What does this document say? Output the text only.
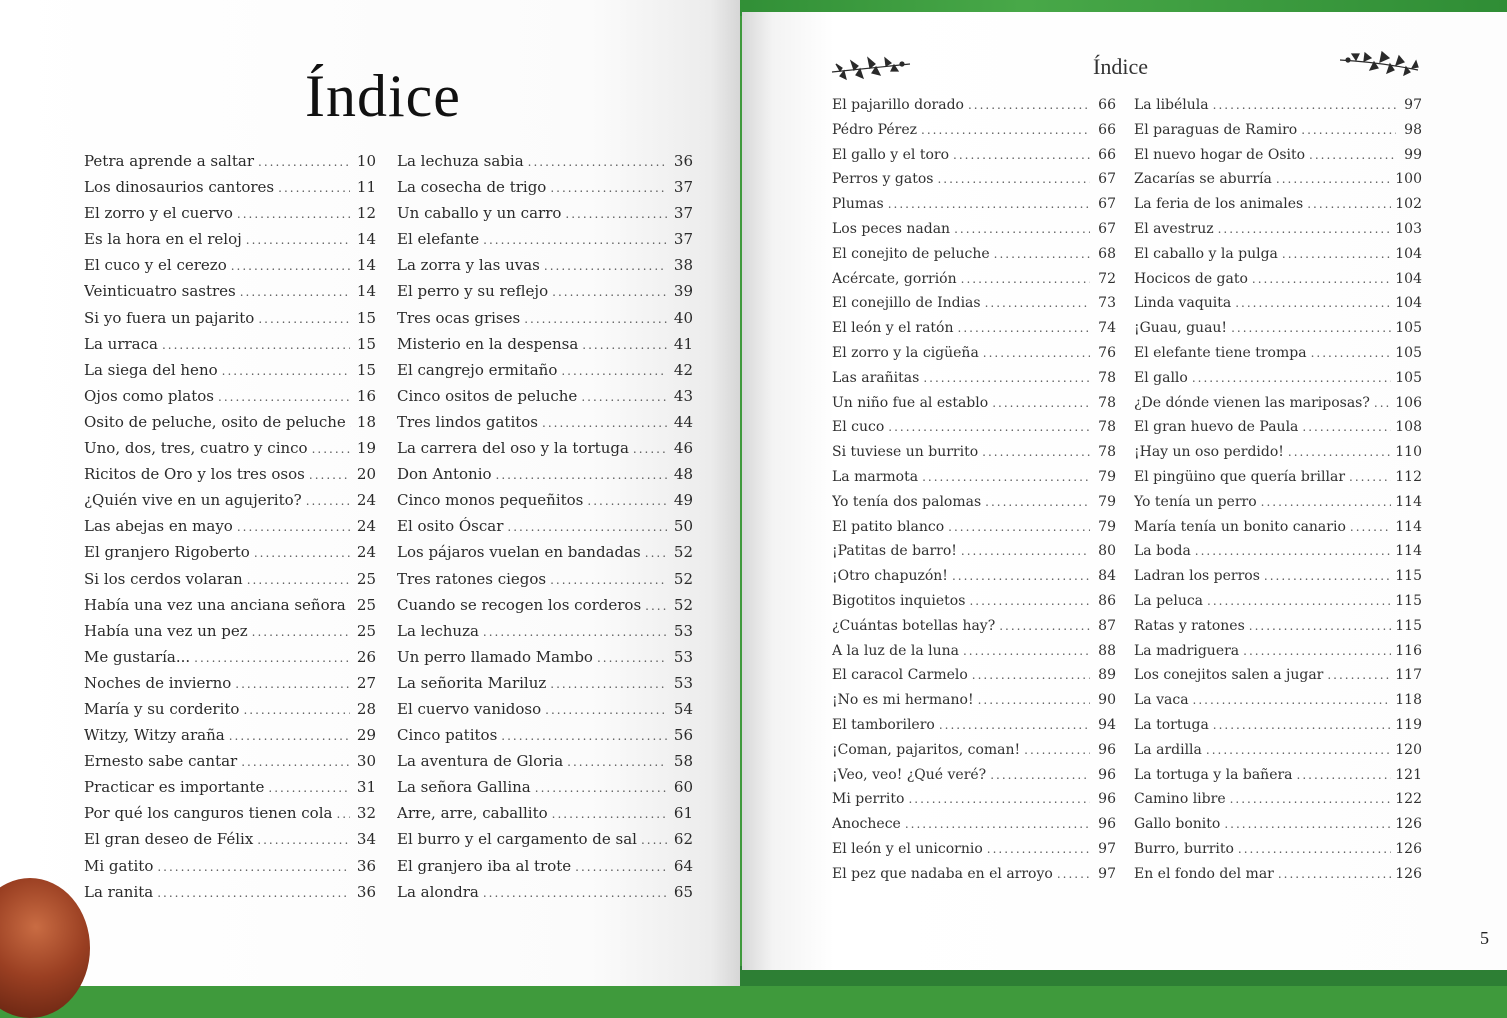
Índice
Petra aprende a saltar .....	10
Los dinosaurios cantores .....	11
El zorro y el cuervo .....	12
Es la hora en el reloj .....	14
El cuco y el cerezo .....	14
Veinticuatro sastres .....	14
Si yo fuera un pajarito .....	15
La urraca .....	15
La siega del heno .....	15
Ojos como platos .....	16
Osito de peluche, osito de peluche ..... 18
Uno, dos, tres, cuatro y cinco .....	19
Ricitos de Oro y los tres osos .....	20
¿Quién vive en un agujerito? .....	24
Las abejas en mayo .....	24
El granjero Rigoberto .....	24
Si los cerdos volaran .....	25
Había una vez una anciana señora ..... 25
Había una vez un pez .....	25
Me gustaría... .....	26
Noches de invierno .....	27
María y su corderito .....	28
Witzy, Witzy araña .....	29
Ernesto sabe cantar .....	30
Practicar es importante .....	31
Por qué los canguros tienen cola ..... 32
El gran deseo de Félix .....	34
Mi gatito .....	36
La ranita .....	36
La lechuza sabia .....	36
La cosecha de trigo .....	37
Un caballo y un carro .....	37
El elefante .....	37
La zorra y las uvas .....	38
El perro y su reflejo .....	39
Tres ocas grises .....	40
Misterio en la despensa .....	41
El cangrejo ermitaño .....	42
Cinco ositos de peluche .....	43
Tres lindos gatitos .....	44
La carrera del oso y la tortuga .....	46
Don Antonio .....	48
Cinco monos pequeñitos .....	49
El osito Óscar .....	50
Los pájaros vuelan en bandadas ..... 52
Tres ratones ciegos .....	52
Cuando se recogen los corderos ..... 52
La lechuza .....	53
Un perro llamado Mambo .....	53
La señorita Mariluz .....	53
El cuervo vanidoso .....	54
Cinco patitos .....	56
La aventura de Gloria .....	58
La señora Gallina .....	60
Arre, arre, caballito .....	61
El burro y el cargamento de sal ..... 62
El granjero iba al trote .....	64
La alondra .....	65
Índice
El pajarillo dorado .....	66
Pédro Pérez .....	66
El gallo y el toro .....	66
Perros y gatos .....	67
Plumas .....	67
Los peces nadan .....	67
El conejito de peluche .....	68
Acércate, gorrión .....	72
El conejillo de Indias .....	73
El león y el ratón .....	74
El zorro y la cigüeña .....	76
Las arañitas .....	78
Un niño fue al establo .....	78
El cuco .....	78
Si tuviese un burrito .....	78
La marmota .....	79
Yo tenía dos palomas .....	79
El patito blanco .....	79
¡Patitas de barro! .....	80
¡Otro chapuzón! .....	84
Bigotitos inquietos .....	86
¿Cuántas botellas hay? .....	87
A la luz de la luna .....	88
El caracol Carmelo .....	89
¡No es mi hermano! .....	90
El tamborilero .....	94
¡Coman, pajaritos, coman! .....	96
¡Veo, veo! ¿Qué veré? .....	96
Mi perrito .....	96
Anochece .....	96
El león y el unicornio .....	97
El pez que nadaba en el arroyo .....	97
La libélula .....	97
El paraguas de Ramiro .....	98
El nuevo hogar de Osito .....	99
Zacarías se aburría .....	100
La feria de los animales .....	102
El avestruz .....	103
El caballo y la pulga .....	104
Hocicos de gato .....	104
Linda vaquita .....	104
¡Guau, guau! .....	105
El elefante tiene trompa .....	105
El gallo .....	105
¿De dónde vienen las mariposas? ..... 106
El gran huevo de Paula .....	108
¡Hay un oso perdido! .....	110
El pingüino que quería brillar .....	112
Yo tenía un perro .....	114
María tenía un bonito canario .....	114
La boda .....	114
Ladran los perros .....	115
La peluca .....	115
Ratas y ratones .....	115
La madriguera .....	116
Los conejitos salen a jugar .....	117
La vaca .....	118
La tortuga .....	119
La ardilla .....	120
La tortuga y la bañera .....	121
Camino libre .....	122
Gallo bonito .....	126
Burro, burrito .....	126
En el fondo del mar .....	126
5
